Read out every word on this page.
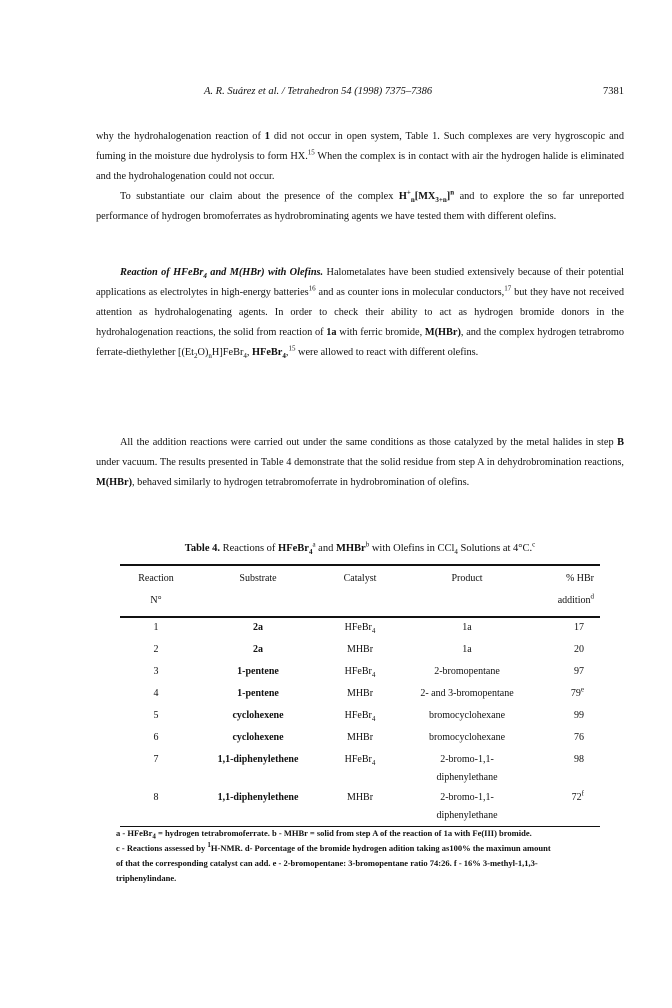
A. R. Suárez et al. / Tetrahedron 54 (1998) 7375–7386	7381

why the hydrohalogenation reaction of 1 did not occur in open system, Table 1. Such complexes are very hygroscopic and fuming in the moisture due hydrolysis to form HX.$^{15}$ When the complex is in contact with air the hydrogen halide is eliminated and the hydrohalogenation could not occur.

To substantiate our claim about the presence of the complex $H^+_n[MX_{3+n}]^n$ and to explore the so far unreported performance of hydrogen bromoferrates as hydrobrominating agents we have tested them with different olefins.

Reaction of HFeBr$_4$ and M(HBr) with Olefins. Halometalates have been studied extensively because of their potential applications as electrolytes in high-energy batteries$^{16}$ and as counter ions in molecular conductors,$^{17}$ but they have not received attention as hydrohalogenating agents. In order to check their ability to act as hydrogen bromide donors in the hydrohalogenation reactions, the solid from reaction of 1a with ferric bromide, M(HBr), and the complex hydrogen tetrabromo ferrate-diethylether $[(Et_2O)_nH]FeBr_4$, HFeBr$_4$,$^{15}$ were allowed to react with different olefins.

All the addition reactions were carried out under the same conditions as those catalyzed by the metal halides in step B under vacuum. The results presented in Table 4 demonstrate that the solid residue from step A in dehydrobromination reactions, M(HBr), behaved similarly to hydrogen tetrabromoferrate in hydrobromination of olefins.

Table 4. Reactions of HFeBr$_4^a$ and MHBr$^b$ with Olefins in CCl$_4$ Solutions at 4°C.$^c$
Reaction	Substrate	Catalyst	Product	% HBr
N°				addition$^d$
1	2a	HFeBr$_4$	1a	17
2	2a	MHBr	1a	20
3	1-pentene	HFeBr$_4$	2-bromopentane	97
4	1-pentene	MHBr	2- and 3-bromopentane	79e
5	cyclohexene	HFeBr$_4$	bromocyclohexane	99
6	cyclohexene	MHBr	bromocyclohexane	76
7	1,1-diphenylethene	HFeBr$_4$	2-bromo-1,1-
diphenylethane	98
8	1,1-diphenylethene	MHBr	2-bromo-1,1-
diphenylethane	72$^f$
a - HFeBr$_4$ = hydrogen tetrabromoferrate. b - MHBr = solid from step A of the reaction of 1a with Fe(III) bromide.
c - Reactions assessed by $^1$H-NMR. d- Porcentage of the bromide hydrogen adition taking as100% the maximun amount
of that the corresponding catalyst can add. e - 2-bromopentane: 3-bromopentane ratio 74:26. f - 16% 3-methyl-1,1,3-
triphenylindane.
